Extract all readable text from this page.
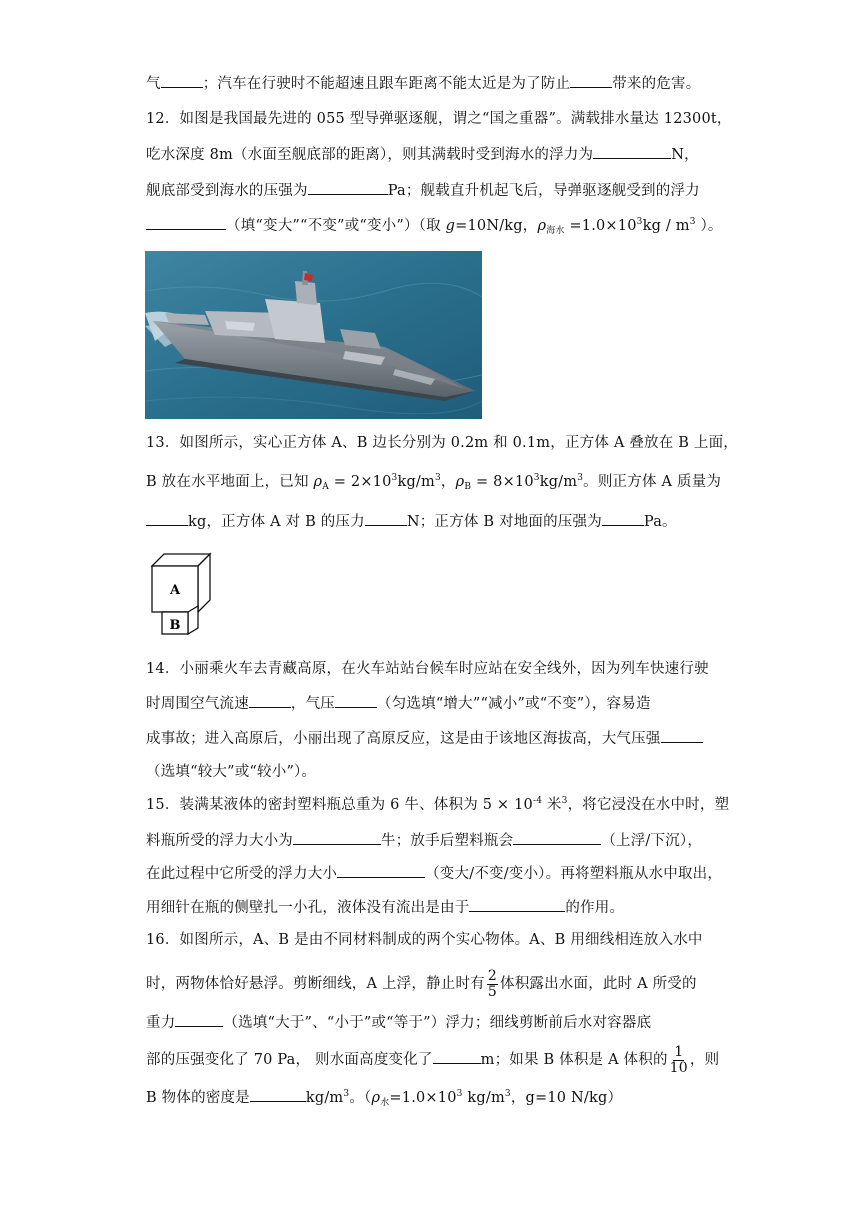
气	；汽车在行驶时不能超速且跟车距离不能太近是为了防止	带来的危害。
12．如图是我国最先进的 055 型导弹驱逐舰，谓之“国之重器”。满载排水量达 12300t，
吃水深度 8m（水面至舰底部的距离），则其满载时受到海水的浮力为	N，
舰底部受到海水的压强为	Pa；舰载直升机起飞后，导弹驱逐舰受到的浮力
（填“变大”“不变”或“变小”）（取 g=10N/kg，$\rho_{海水} =1.0\times 10^3kg / m^3$ ）。
13．如图所示，实心正方体 A、B 边长分别为 0.2m 和 0.1m，正方体 A 叠放在 B 上面，
B 放在水平地面上，已知 $\rho_A = 2\times 10^3kg/m^3$，$\rho_B = 8\times 10^3kg/m^3$。则正方体 A 质量为
kg，正方体 A 对 B 的压力	N；正方体 B 对地面的压强为	Pa。
A
B
14．小丽乘火车去青藏高原，在火车站站台候车时应站在安全线外，因为列车快速行驶
时周围空气流速	，气压	（匀选填“增大”“减小”或“不变”），容易造
成事故；进入高原后，小丽出现了高原反应，这是由于该地区海拔高，大气压强
（选填“较大”或“较小”）。
15．装满某液体的密封塑料瓶总重为 6 牛、体积为 $5 \times 10^{-4}$ 米$^3$，将它浸没在水中时，塑
料瓶所受的浮力大小为	牛；放手后塑料瓶会	（上浮/下沉），
在此过程中它所受的浮力大小	（变大/不变/变小）。再将塑料瓶从水中取出，
用细针在瓶的侧壁扎一小孔，液体没有流出是由于	的作用。
16．如图所示，A、B 是由不同材料制成的两个实心物体。A、B 用细线相连放入水中
时，两物体恰好悬浮。剪断细线，A 上浮，静止时有 $\frac{2}{5}$ 体积露出水面，此时 A 所受的
重力	（选填“大于”、“小于”或“等于”）浮力；细线剪断前后水对容器底
部的压强变化了 70 Pa， 则水面高度变化了	m；如果 B 体积是 A 体积的 $\frac{1}{10}$ ，则
B 物体的密度是	$kg/m^3$。（$\rho_水=1.0\times 10^3$ $kg/m^3$，g=10 N/kg）
